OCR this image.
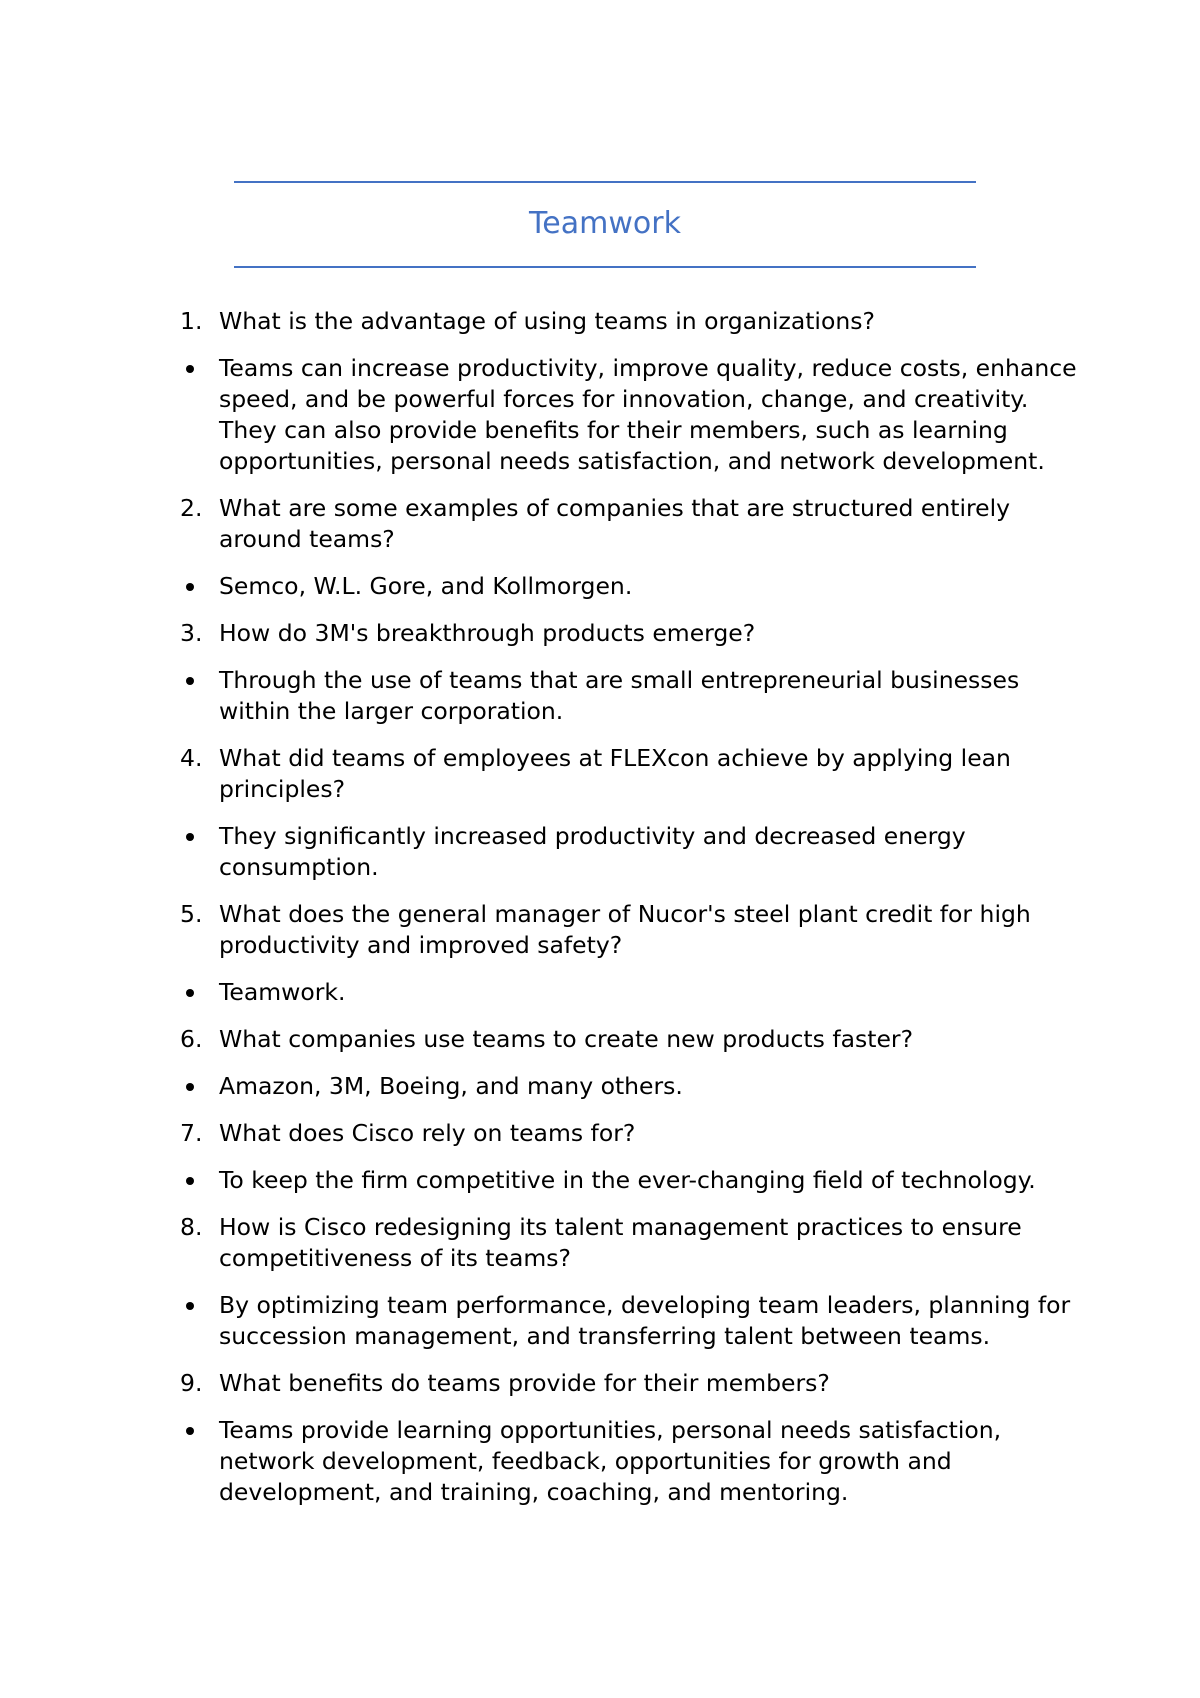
Teamwork
1. What is the advantage of using teams in organizations?
Teams can increase productivity, improve quality, reduce costs, enhance speed, and be powerful forces for innovation, change, and creativity. They can also provide benefits for their members, such as learning opportunities, personal needs satisfaction, and network development.
2. What are some examples of companies that are structured entirely around teams?
Semco, W.L. Gore, and Kollmorgen.
3. How do 3M's breakthrough products emerge?
Through the use of teams that are small entrepreneurial businesses within the larger corporation.
4. What did teams of employees at FLEXcon achieve by applying lean principles?
They significantly increased productivity and decreased energy consumption.
5. What does the general manager of Nucor's steel plant credit for high productivity and improved safety?
Teamwork.
6. What companies use teams to create new products faster?
Amazon, 3M, Boeing, and many others.
7. What does Cisco rely on teams for?
To keep the firm competitive in the ever-changing field of technology.
8. How is Cisco redesigning its talent management practices to ensure competitiveness of its teams?
By optimizing team performance, developing team leaders, planning for succession management, and transferring talent between teams.
9. What benefits do teams provide for their members?
Teams provide learning opportunities, personal needs satisfaction, network development, feedback, opportunities for growth and development, and training, coaching, and mentoring.
